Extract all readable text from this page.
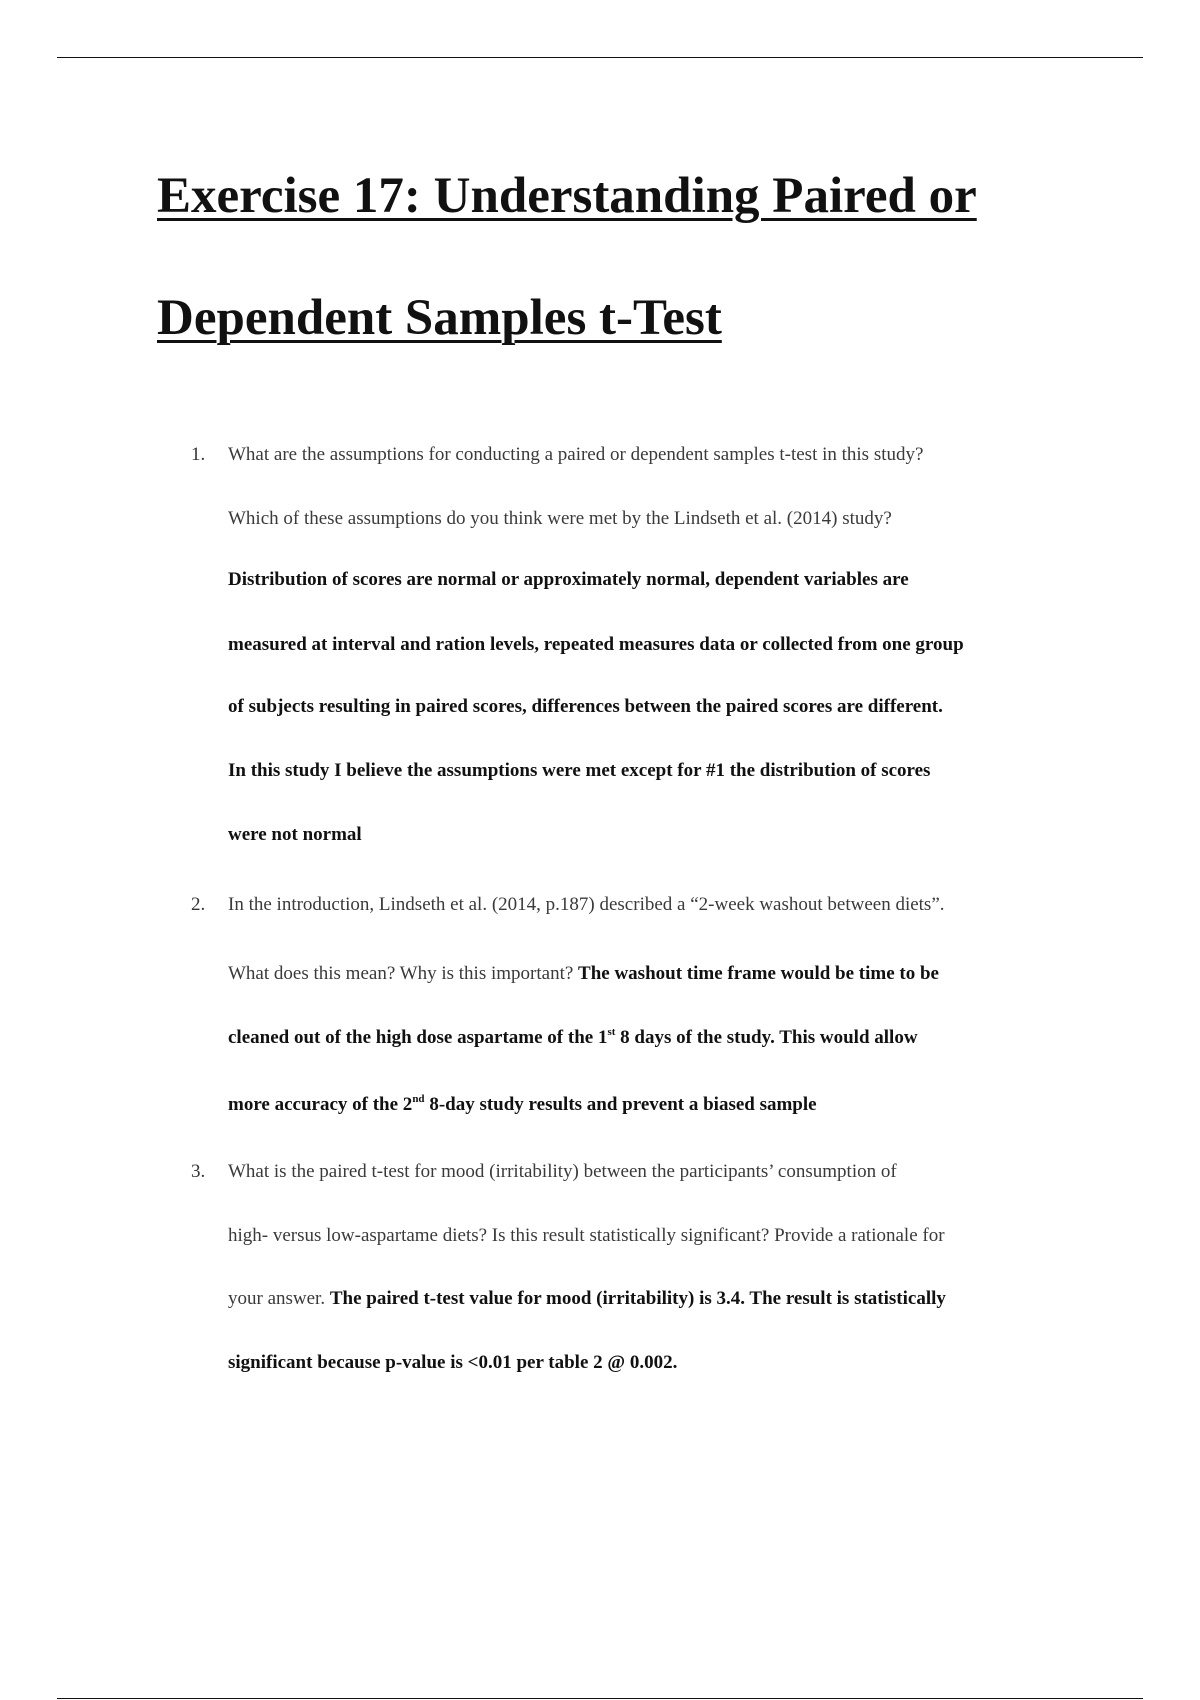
Exercise 17: Understanding Paired or
Dependent Samples t-Test
1. What are the assumptions for conducting a paired or dependent samples t-test in this study?
Which of these assumptions do you think were met by the Lindseth et al. (2014) study?
Distribution of scores are normal or approximately normal, dependent variables are
measured at interval and ration levels, repeated measures data or collected from one group
of subjects resulting in paired scores, differences between the paired scores are different.
In this study I believe the assumptions were met except for #1 the distribution of scores
were not normal
2. In the introduction, Lindseth et al. (2014, p.187) described a “2-week washout between diets”.
What does this mean? Why is this important? The washout time frame would be time to be
cleaned out of the high dose aspartame of the 1st 8 days of the study. This would allow
more accuracy of the 2nd 8-day study results and prevent a biased sample
3. What is the paired t-test for mood (irritability) between the participants’ consumption of
high- versus low-aspartame diets? Is this result statistically significant? Provide a rationale for
your answer. The paired t-test value for mood (irritability) is 3.4. The result is statistically
significant because p-value is <0.01 per table 2 @ 0.002.
